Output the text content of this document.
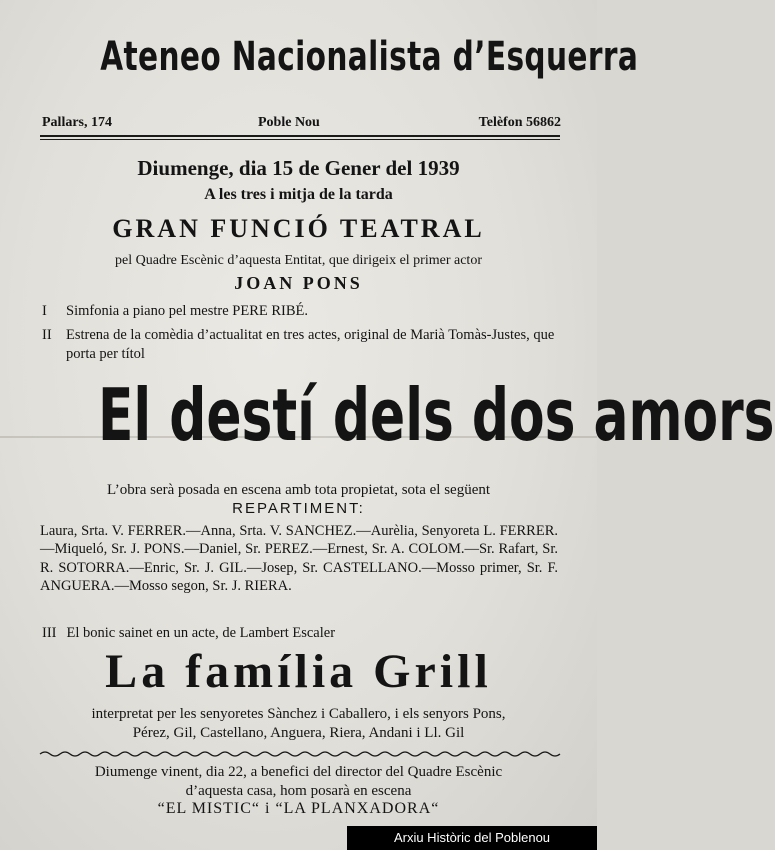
Ateneo Nacionalista d’Esquerra
Pallars, 174	Poble Nou	Telèfon 56862
Diumenge, dia 15 de Gener del 1939
A les tres i mitja de la tarda
GRAN FUNCIÓ TEATRAL
pel Quadre Escènic d’aquesta Entitat, que dirigeix el primer actor
JOAN PONS
I	Simfonia a piano pel mestre PERE RIBÉ.
II Estrena de la comèdia d’actualitat en tres actes, original de Marià Tomàs-Justes, que porta per títol
El destí dels dos amors
L’obra serà posada en escena amb tota propietat, sota el següent
REPARTIMENT:
Laura, Srta. V. FERRER.—Anna, Srta. V. SANCHEZ.—Aurèlia, Senyoreta L. FERRER.—Miqueló, Sr. J. PONS.—Daniel, Sr. PEREZ.—Ernest, Sr. A. COLOM.—Sr. Rafart, Sr. R. SOTORRA.—Enric, Sr. J. GIL.—Josep, Sr. CASTELLANO.—Mosso primer, Sr. F. ANGUERA.—Mosso segon, Sr. J. RIERA.
III El bonic sainet en un acte, de Lambert Escaler
La família Grill
interpretat per les senyoretes Sànchez i Caballero, i els senyors Pons,
Pérez, Gil, Castellano, Anguera, Riera, Andani i Ll. Gil
Diumenge vinent, dia 22, a benefici del director del Quadre Escènic
d’aquesta casa, hom posarà en escena
“EL MISTIC“ i “LA PLANXADORA“
Arxiu Històric del Poblenou
